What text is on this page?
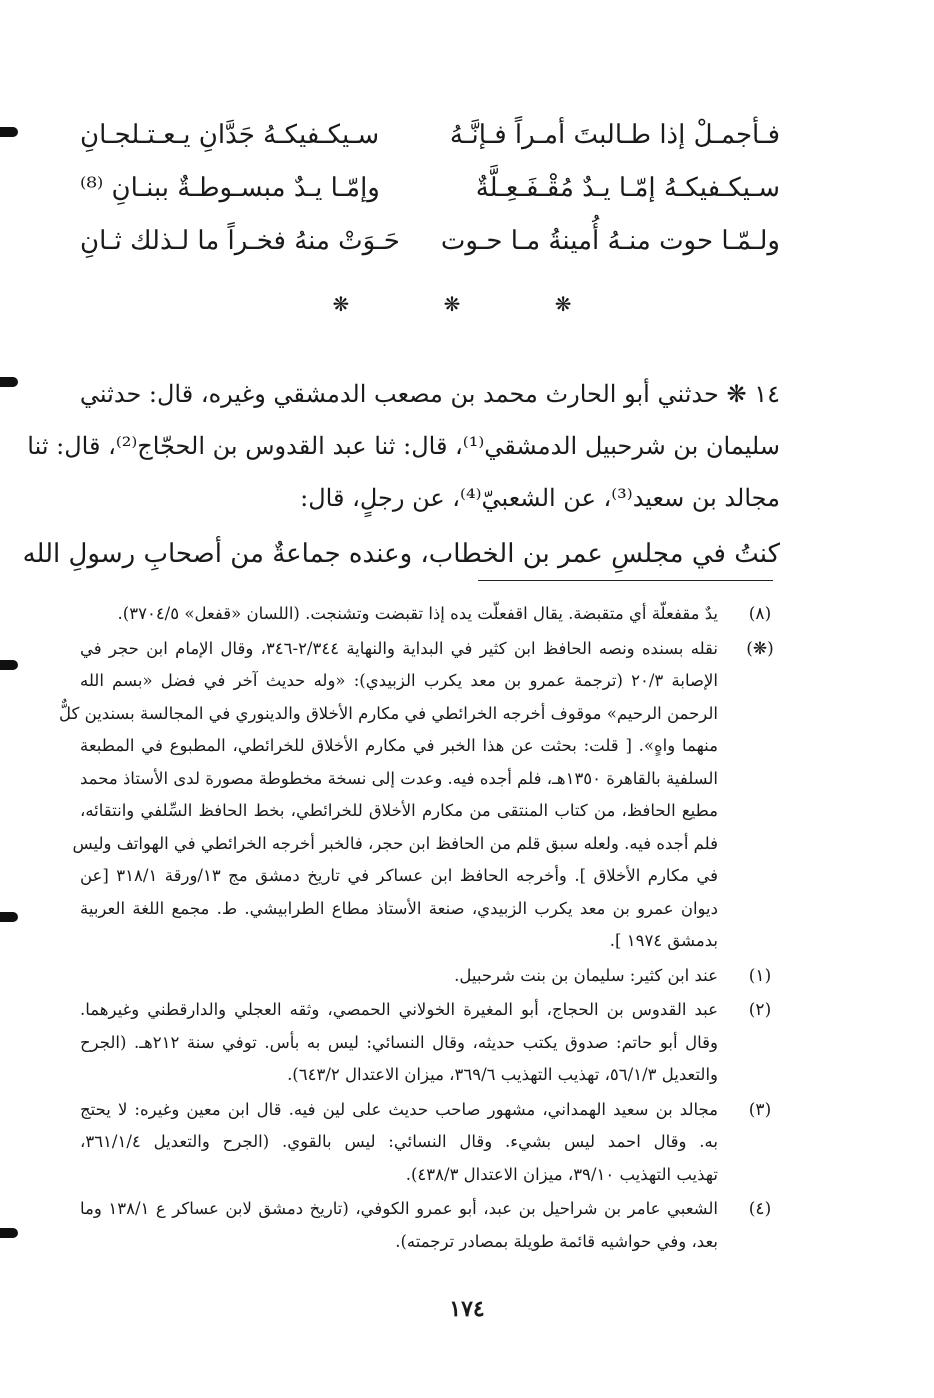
فـأجمـلْ إذا طـالبتَ أمـراً فـإنَّـهُ
سـيكـفيكـهُ جَدَّانِ يـعـتـلجـانِ
سـيكـفيكـهُ إمّـا يـدٌ مُقْـفَـعِـلَّةٌ
وإمّـا يـدٌ مبسـوطـةٌ ببنـانِ ⁽⁸⁾
ولـمّـا حوت منـهُ أُمينةُ مـا حـوت
حَـوَتْ منهُ فخـراً ما لـذلك ثـانِ
❋	❋	❋
١٤ ❋ حدثني أبو الحارث محمد بن مصعب الدمشقي وغيره، قال: حدثني
سليمان بن شرحبيل الدمشقي⁽¹⁾، قال: ثنا عبد القدوس بن الحجّاج⁽²⁾، قال: ثنا
مجالد بن سعيد⁽³⁾، عن الشعبيّ⁽⁴⁾، عن رجلٍ، قال:
كنتُ في مجلسِ عمر بن الخطاب، وعنده جماعةٌ من أصحابِ رسولِ الله
(٨)
يدٌ مقفعلّة أي متقبضة. يقال اقفعلّت يده إذا تقبضت وتشنجت. (اللسان «قفعل» ٣٧٠٤/٥).
(❋)
نقله بسنده ونصه الحافظ ابن كثير في البداية والنهاية ٢/٣٤٤-٣٤٦، وقال الإمام ابن حجر في
الإصابة ٢٠/٣ (ترجمة عمرو بن معد يكرب الزبيدي): «وله حديث آخر في فضل «بسم الله
الرحمن الرحيم» موقوف أخرجه الخرائطي في مكارم الأخلاق والدينوري في المجالسة بسندين كلٌّ
منهما واهٍ». [ قلت: بحثت عن هذا الخبر في مكارم الأخلاق للخرائطي، المطبوع في المطبعة
السلفية بالقاهرة ١٣٥٠هـ، فلم أجده فيه. وعدت إلى نسخة مخطوطة مصورة لدى الأستاذ محمد
مطيع الحافظ، من كتاب المنتقى من مكارم الأخلاق للخرائطي، بخط الحافظ السِّلفي وانتقائه،
فلم أجده فيه. ولعله سبق قلم من الحافظ ابن حجر، فالخبر أخرجه الخرائطي في الهواتف وليس
في مكارم الأخلاق ]. وأخرجه الحافظ ابن عساكر في تاريخ دمشق مج ١٣/ورقة ٣١٨/١ [عن
ديوان عمرو بن معد يكرب الزبيدي، صنعة الأستاذ مطاع الطرابيشي. ط. مجمع اللغة العربية
بدمشق ١٩٧٤ ].
(١)
عند ابن كثير: سليمان بن بنت شرحبيل.
(٢)
عبد القدوس بن الحجاج، أبو المغيرة الخولاني الحمصي، وثقه العجلي والدارقطني وغيرهما.
وقال أبو حاتم: صدوق يكتب حديثه، وقال النسائي: ليس به بأس. توفي سنة ٢١٢هـ. (الجرح
والتعديل ٥٦/١/٣، تهذيب التهذيب ٣٦٩/٦، ميزان الاعتدال ٦٤٣/٢).
(٣)
مجالد بن سعيد الهمداني، مشهور صاحب حديث على لين فيه. قال ابن معين وغيره: لا يحتج
به. وقال احمد ليس بشيء. وقال النسائي: ليس بالقوي. (الجرح والتعديل ٣٦١/١/٤،
تهذيب التهذيب ٣٩/١٠، ميزان الاعتدال ٤٣٨/٣).
(٤)
الشعبي عامر بن شراحيل بن عبد، أبو عمرو الكوفي، (تاريخ دمشق لابن عساكر ع ١٣٨/١ وما
بعد، وفي حواشيه قائمة طويلة بمصادر ترجمته).
١٧٤
